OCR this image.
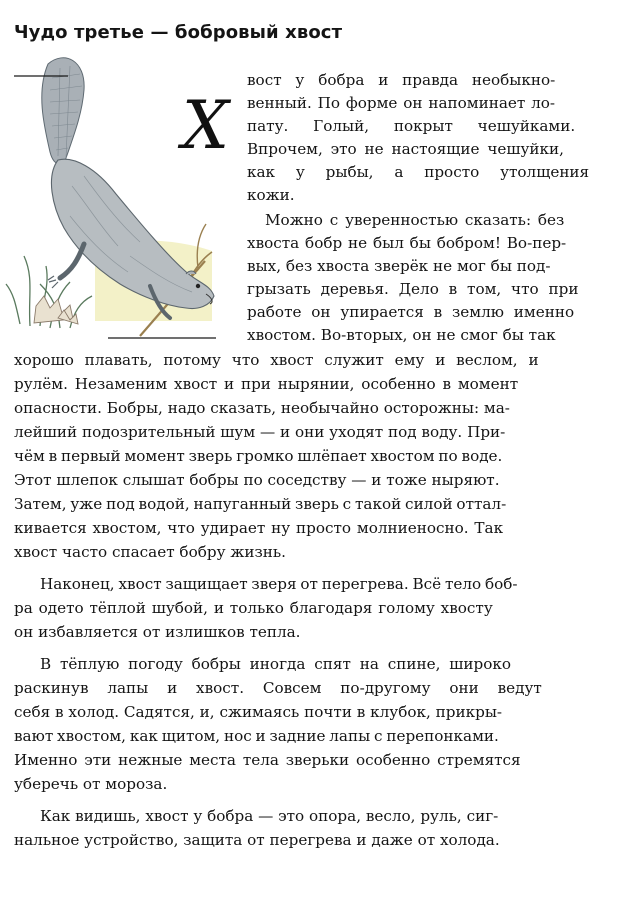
Чудо третье — бобровый хвост
Х
вост у бобра и правда необыкно-
венный. По форме он напоминает ло-
пату. Голый, покрыт чешуйками.
Впрочем, это не настоящие чешуйки,
как у рыбы, а просто утолщения
кожи.
Можно с уверенностью сказать: без
хвоста бобр не был бы бобром! Во-пер-
вых, без хвоста зверёк не мог бы под-
грызать деревья. Дело в том, что при
работе он упирается в землю именно
хвостом. Во-вторых, он не смог бы так
хорошо плавать, потому что хвост служит ему и веслом, и
рулём. Незаменим хвост и при нырянии, особенно в момент
опасности. Бобры, надо сказать, необычайно осторожны: ма-
лейший подозрительный шум — и они уходят под воду. При-
чём в первый момент зверь громко шлёпает хвостом по воде.
Этот шлепок слышат бобры по соседству — и тоже ныряют.
Затем, уже под водой, напуганный зверь с такой силой оттал-
кивается хвостом, что удирает ну просто молниеносно. Так
хвост часто спасает бобру жизнь.
Наконец, хвост защищает зверя от перегрева. Всё тело боб-
ра одето тёплой шубой, и только благодаря голому хвосту
он избавляется от излишков тепла.
В тёплую погоду бобры иногда спят на спине, широко
раскинув лапы и хвост. Совсем по-другому они ведут
себя в холод. Садятся, и, сжимаясь почти в клубок, прикры-
вают хвостом, как щитом, нос и задние лапы с перепонками.
Именно эти нежные места тела зверьки особенно стремятся
уберечь от мороза.
Как видишь, хвост у бобра — это опора, весло, руль, сиг-
нальное устройство, защита от перегрева и даже от холода.
